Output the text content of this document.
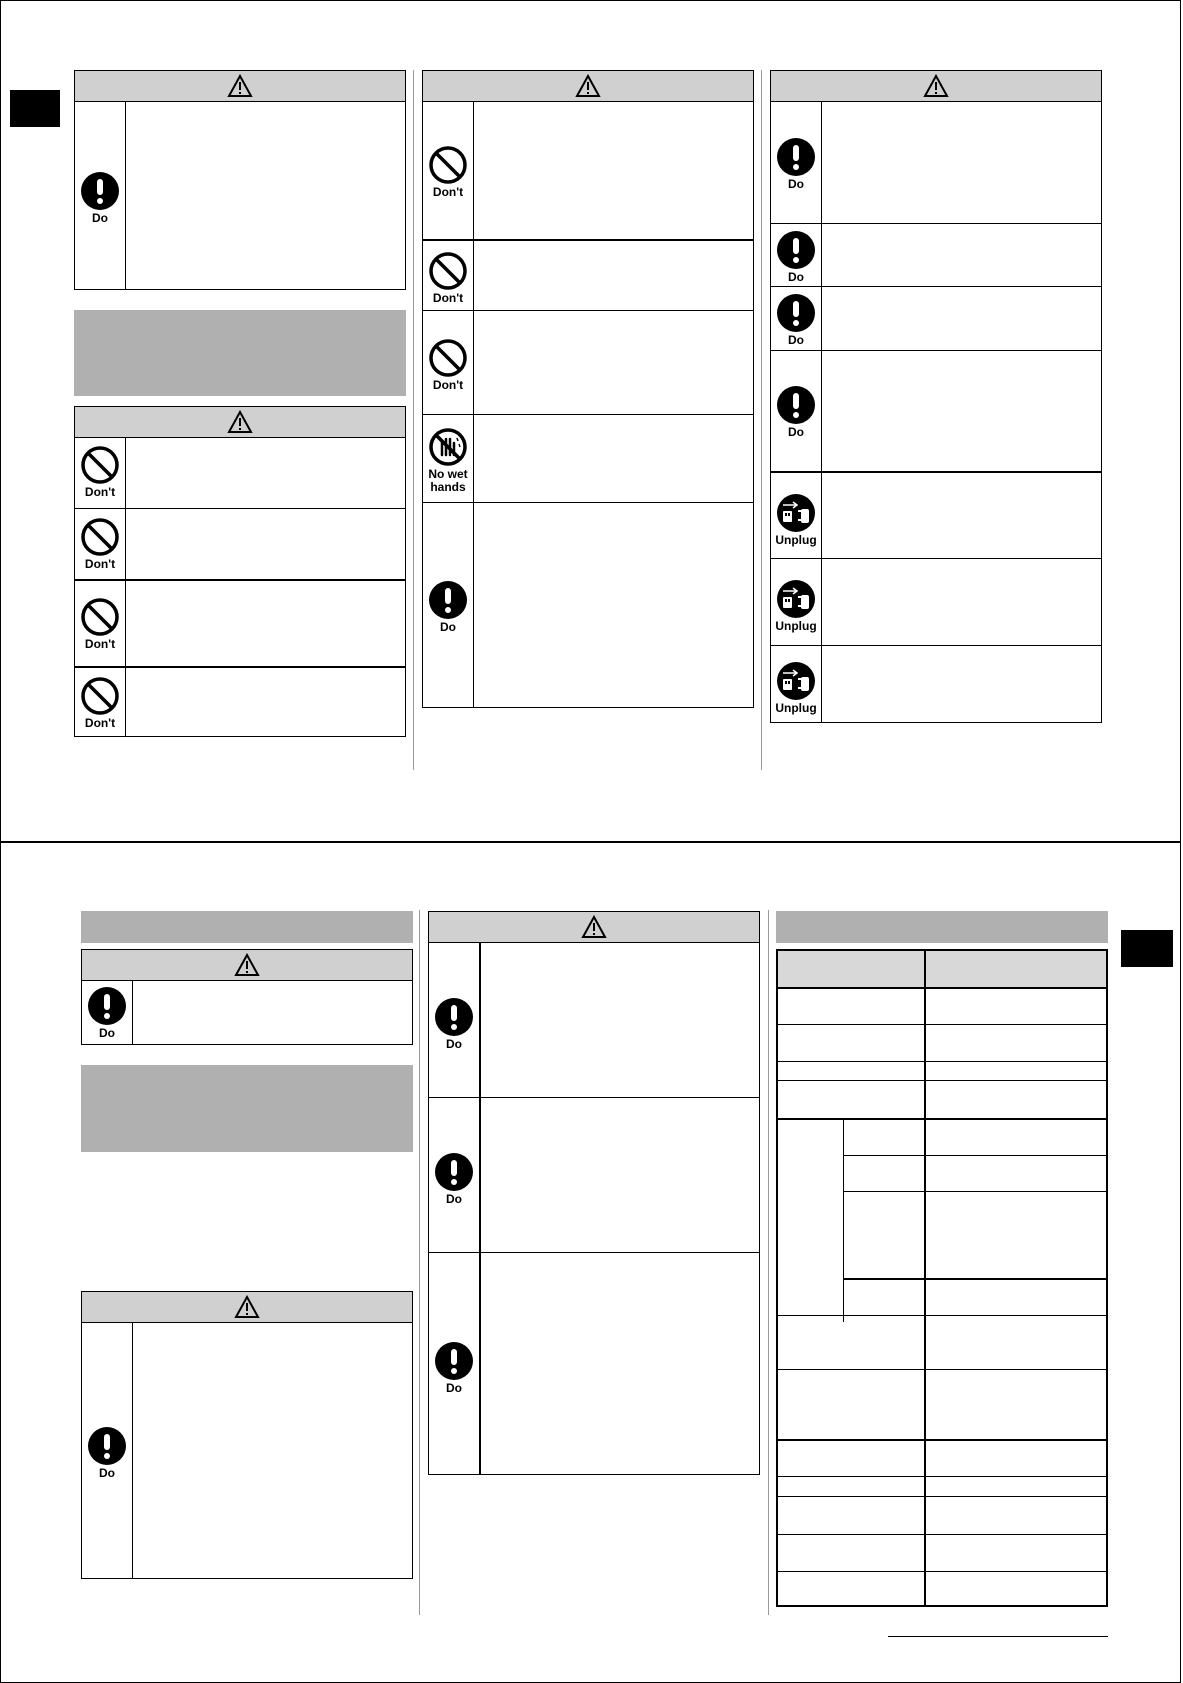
Do
Don't
Don't
Don't
Don't
Don't
Don't
Don't
No wet
hands
Do
Do
Do
Do
Do
Unplug
Unplug
Unplug
Do
Do
Do
Do
Do
